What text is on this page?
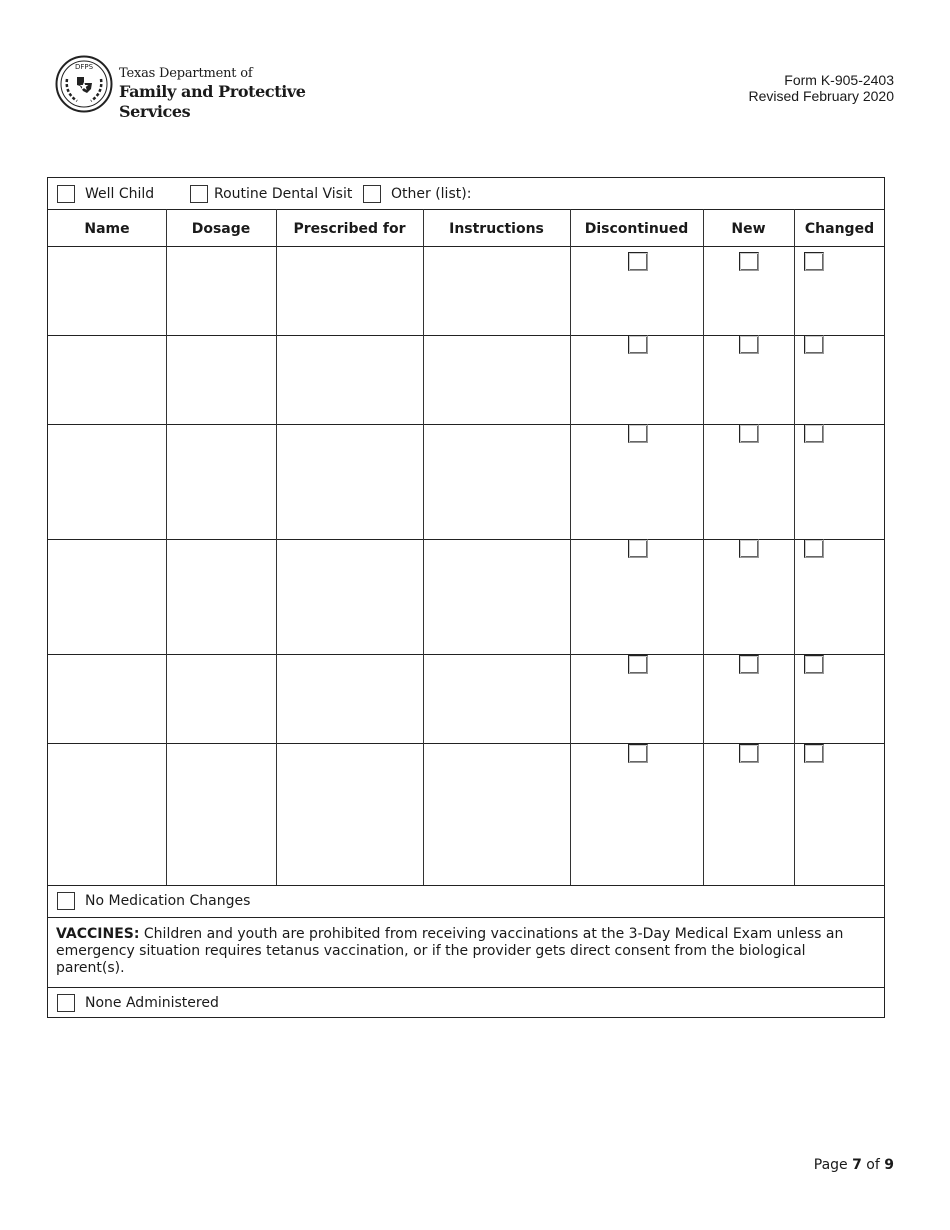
DFPS Texas Department of
Family and Protective Services
Form K-905-2403
Revised February 2020
Well Child	Routine Dental Visit	Other (list):
Name	Dosage	Prescribed for	Instructions	Discontinued	New	Changed
No Medication Changes
VACCINES: Children and youth are prohibited from receiving vaccinations at the 3-Day Medical Exam unless an emergency situation requires tetanus vaccination, or if the provider gets direct consent from the biological parent(s).
None Administered
Page 7 of 9
